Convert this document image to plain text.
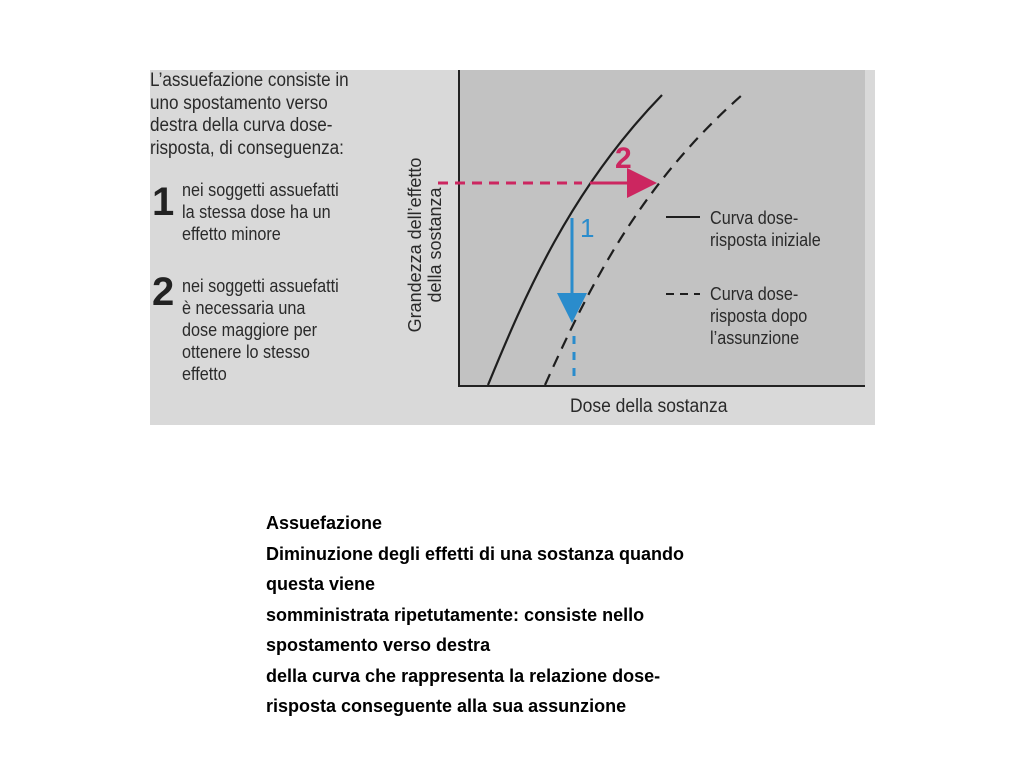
L’assuefazione consiste in
uno spostamento verso
destra della curva dose-
risposta, di conseguenza:
1 nei soggetti assuefatti
la stessa dose ha un
effetto minore
2 nei soggetti assuefatti
è necessaria una
dose maggiore per
ottenere lo stesso
effetto
Grandezza dell’effetto della sostanza	1
2
Curva dose-
risposta iniziale
Curva dose-
risposta dopo
l’assunzione
Dose della sostanza
Assuefazione
Diminuzione degli effetti di una sostanza quando
questa viene
somministrata ripetutamente: consiste nello
spostamento verso destra
della curva che rappresenta la relazione dose-
risposta conseguente alla sua assunzione
